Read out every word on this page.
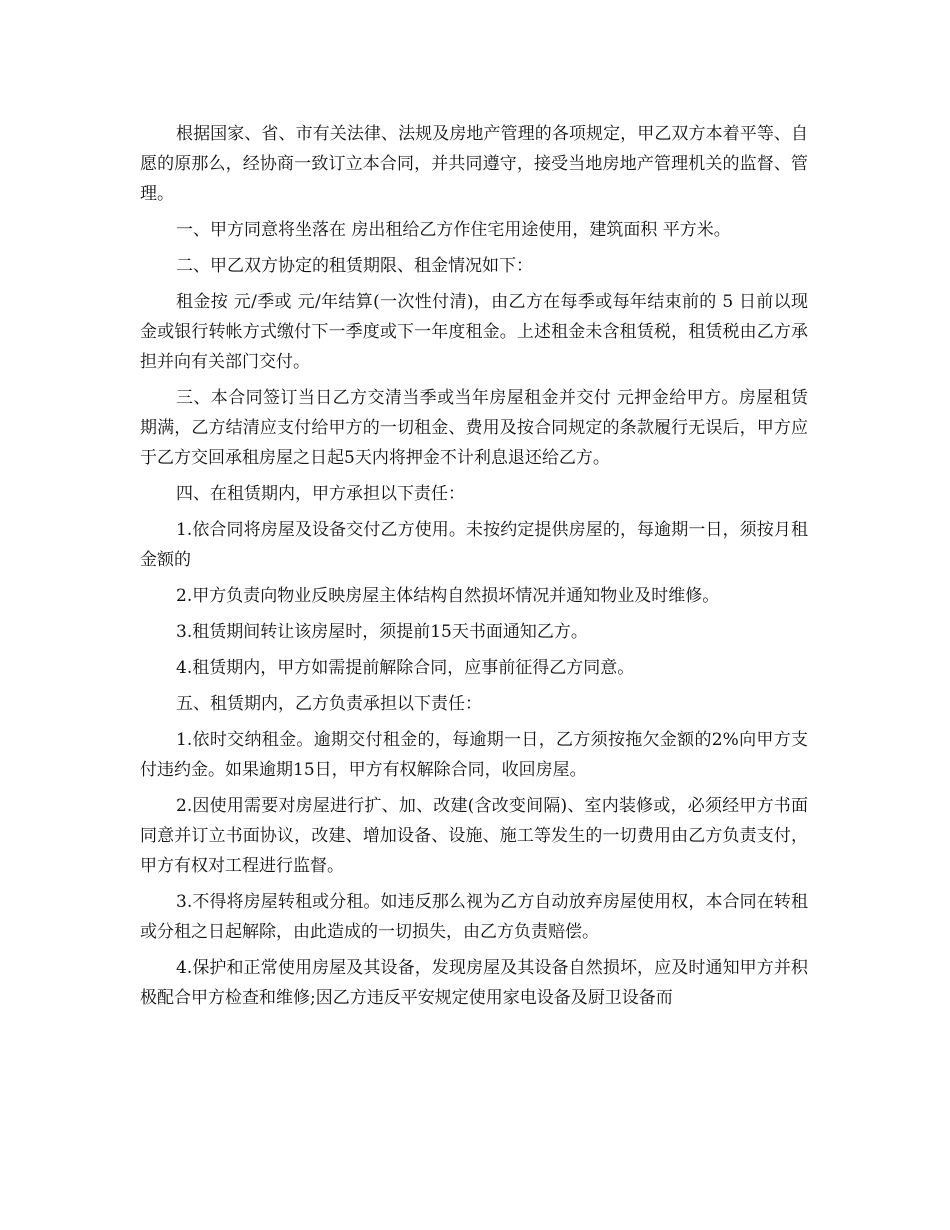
根据国家、省、市有关法律、法规及房地产管理的各项规定，甲乙双方本着平等、自愿的原那么，经协商一致订立本合同，并共同遵守，接受当地房地产管理机关的监督、管理。

一、甲方同意将坐落在 房出租给乙方作住宅用途使用，建筑面积 平方米。

二、甲乙双方协定的租赁期限、租金情况如下：

租金按 元/季或 元/年结算(一次性付清)，由乙方在每季或每年结束前的 5 日前以现金或银行转帐方式缴付下一季度或下一年度租金。上述租金未含租赁税，租赁税由乙方承担并向有关部门交付。

三、本合同签订当日乙方交清当季或当年房屋租金并交付 元押金给甲方。房屋租赁期满，乙方结清应支付给甲方的一切租金、费用及按合同规定的条款履行无误后，甲方应于乙方交回承租房屋之日起5天内将押金不计利息退还给乙方。

四、在租赁期内，甲方承担以下责任：

1.依合同将房屋及设备交付乙方使用。未按约定提供房屋的，每逾期一日，须按月租金额的

2.甲方负责向物业反映房屋主体结构自然损坏情况并通知物业及时维修。

3.租赁期间转让该房屋时，须提前15天书面通知乙方。

4.租赁期内，甲方如需提前解除合同，应事前征得乙方同意。

五、租赁期内，乙方负责承担以下责任：

1.依时交纳租金。逾期交付租金的，每逾期一日，乙方须按拖欠金额的2%向甲方支付违约金。如果逾期15日，甲方有权解除合同，收回房屋。

2.因使用需要对房屋进行扩、加、改建(含改变间隔)、室内装修或，必须经甲方书面同意并订立书面协议，改建、增加设备、设施、施工等发生的一切费用由乙方负责支付，甲方有权对工程进行监督。

3.不得将房屋转租或分租。如违反那么视为乙方自动放弃房屋使用权，本合同在转租或分租之日起解除，由此造成的一切损失，由乙方负责赔偿。

4.保护和正常使用房屋及其设备，发现房屋及其设备自然损坏，应及时通知甲方并积极配合甲方检查和维修;因乙方违反平安规定使用家电设备及厨卫设备而
